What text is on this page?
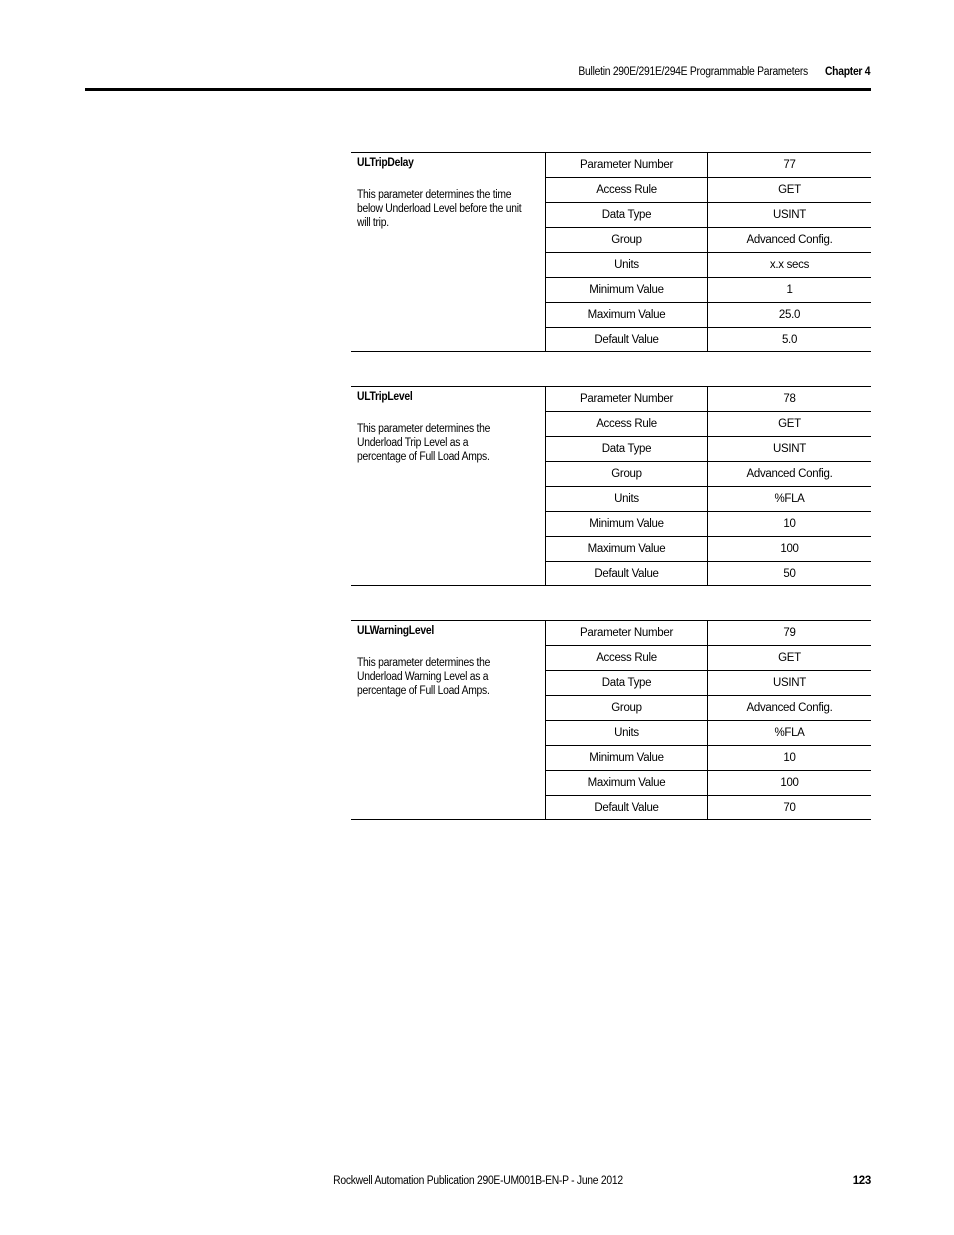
Bulletin 290E/291E/294E Programmable Parameters Chapter 4
ULTripDelay
This parameter determines the time below Underload Level before the unit will trip.
Parameter Number	77
Access Rule	GET
Data Type	USINT
Group	Advanced Config.
Units	x.x secs
Minimum Value	1
Maximum Value	25.0
Default Value	5.0
ULTripLevel
This parameter determines the Underload Trip Level as a percentage of Full Load Amps.
Parameter Number	78
Access Rule	GET
Data Type	USINT
Group	Advanced Config.
Units	%FLA
Minimum Value	10
Maximum Value	100
Default Value	50
ULWarningLevel
This parameter determines the Underload Warning Level as a percentage of Full Load Amps.
Parameter Number	79
Access Rule	GET
Data Type	USINT
Group	Advanced Config.
Units	%FLA
Minimum Value	10
Maximum Value	100
Default Value	70
Rockwell Automation Publication 290E-UM001B-EN-P - June 2012	123
